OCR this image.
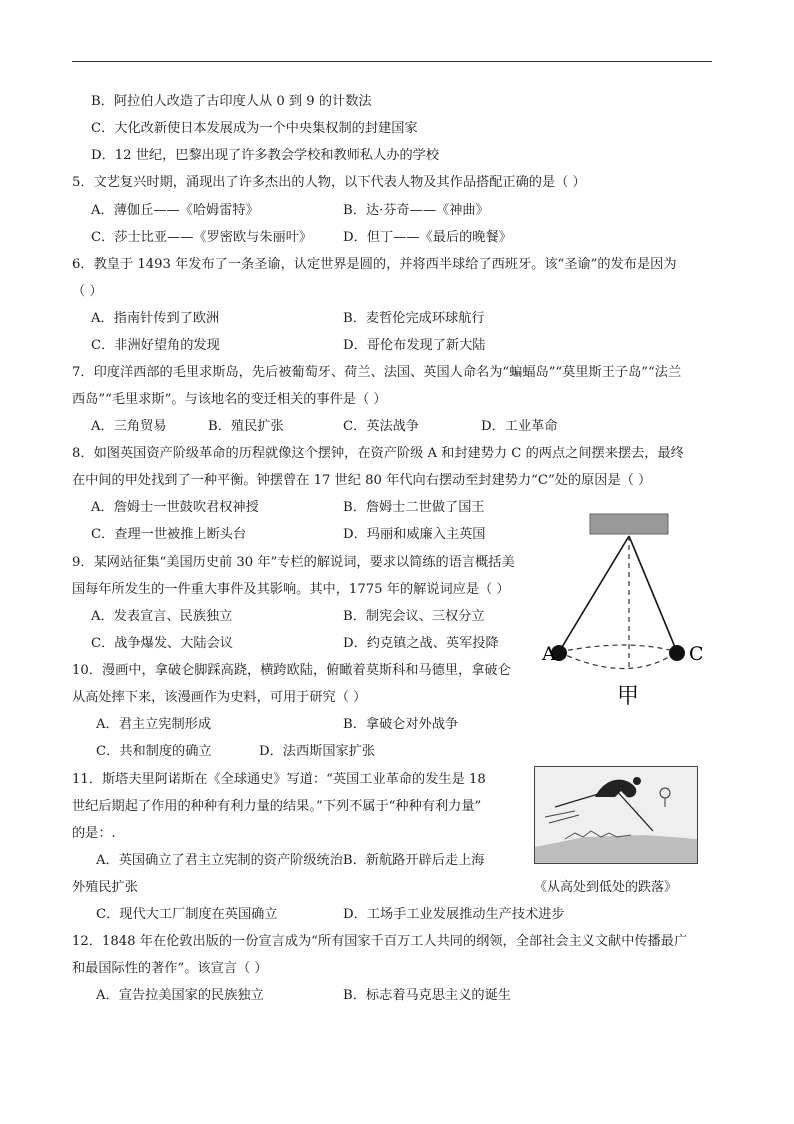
B．阿拉伯人改造了古印度人从 0 到 9 的计数法
C．大化改新使日本发展成为一个中央集权制的封建国家
D．12 世纪，巴黎出现了许多教会学校和教师私人办的学校
5．文艺复兴时期，涌现出了许多杰出的人物，以下代表人物及其作品搭配正确的是（ ）
A．薄伽丘——《哈姆雷特》	B．达·芬奇——《神曲》
C．莎士比亚——《罗密欧与朱丽叶》 D．但丁——《最后的晚餐》
6．教皇于 1493 年发布了一条圣谕，认定世界是圆的，并将西半球给了西班牙。该“圣谕”的发布是因为
（ ）
A．指南针传到了欧洲	B．麦哲伦完成环球航行
C．非洲好望角的发现	D．哥伦布发现了新大陆
7．印度洋西部的毛里求斯岛，先后被葡萄牙、荷兰、法国、英国人命名为“蝙蝠岛”“莫里斯王子岛”“法兰
西岛”“毛里求斯”。与该地名的变迁相关的事件是（ ）
A．三角贸易	B．殖民扩张	C．英法战争	D．工业革命
8．如图英国资产阶级革命的历程就像这个摆钟，在资产阶级 A 和封建势力 C 的两点之间摆来摆去，最终
在中间的甲处找到了一种平衡。钟摆曾在 17 世纪 80 年代向右摆动至封建势力“C”处的原因是（ ）
A．詹姆士一世鼓吹君权神授	B．詹姆士二世做了国王
C．查理一世被推上断头台	D．玛丽和威廉入主英国
9．某网站征集“美国历史前 30 年”专栏的解说词，要求以简练的语言概括美
国每年所发生的一件重大事件及其影响。其中，1775 年的解说词应是（ ）
A．发表宣言、民族独立	B．制宪会议、三权分立
C．战争爆发、大陆会议	D．约克镇之战、英军投降
10．漫画中，拿破仑脚踩高跷，横跨欧陆，俯瞰着莫斯科和马德里，拿破仑
从高处摔下来，该漫画作为史料，可用于研究（ ）
A．君主立宪制形成	B．拿破仑对外战争
C．共和制度的确立	D．法西斯国家扩张
11．斯塔夫里阿诺斯在《全球通史》写道：“英国工业革命的发生是 18
世纪后期起了作用的种种有利力量的结果。”下列不属于“种种有利力量”
的是：.
A．英国确立了君主立宪制的资产阶级统治B．新航路开辟后走上海
外殖民扩张
C．现代大工厂制度在英国确立	D．工场手工业发展推动生产技术进步
12．1848 年在伦敦出版的一份宣言成为“所有国家千百万工人共同的纲领，全部社会主义文献中传播最广
和最国际性的著作”。该宣言（ ）
A．宣告拉美国家的民族独立	B．标志着马克思主义的诞生
A	C
甲
《从高处到低处的跌落》
